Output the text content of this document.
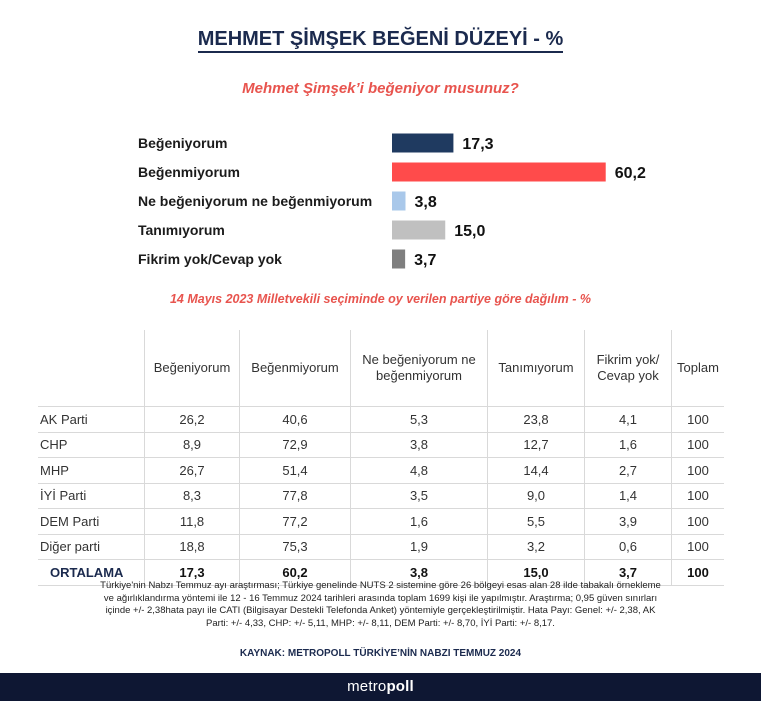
MEHMET ŞİMŞEK BEĞENİ DÜZEYİ - %
Mehmet Şimşek’i beğeniyor musunuz?
Beğeniyorum	17,3
Beğenmiyorum	60,2
Ne beğeniyorum ne beğenmiyorum	3,8
Tanımıyorum	15,0
Fikrim yok/Cevap yok	3,7
14 Mayıs 2023 Milletvekili seçiminde oy verilen partiye göre dağılım - %
	Beğeniyorum	Beğenmiyorum	Ne beğeniyorum ne beğenmiyorum	Tanımıyorum	Fikrim yok/ Cevap yok	Toplam
AK Parti	26,2	40,6	5,3	23,8	4,1	100
CHP	8,9	72,9	3,8	12,7	1,6	100
MHP	26,7	51,4	4,8	14,4	2,7	100
İYİ Parti	8,3	77,8	3,5	9,0	1,4	100
DEM Parti	11,8	77,2	1,6	5,5	3,9	100
Diğer parti	18,8	75,3	1,9	3,2	0,6	100
ORTALAMA	17,3	60,2	3,8	15,0	3,7	100
Türkiye'nin Nabzı Temmuz ayı araştırması; Türkiye genelinde NUTS 2 sistemine göre 26 bölgeyi esas alan 28 ilde tabakalı örnekleme ve ağırlıklandırma yöntemi ile 12 - 16 Temmuz 2024 tarihleri arasında toplam 1699 kişi ile yapılmıştır. Araştırma; 0,95 güven sınırları içinde +/- 2,38hata payı ile CATI (Bilgisayar Destekli Telefonda Anket) yöntemiyle gerçekleştirilmiştir. Hata Payı: Genel: +/- 2,38, AK Parti: +/- 4,33, CHP: +/- 5,11, MHP: +/- 8,11, DEM Parti: +/- 8,70, İYİ Parti: +/- 8,17.
KAYNAK: METROPOLL TÜRKİYE’NİN NABZI TEMMUZ 2024
metropoll
